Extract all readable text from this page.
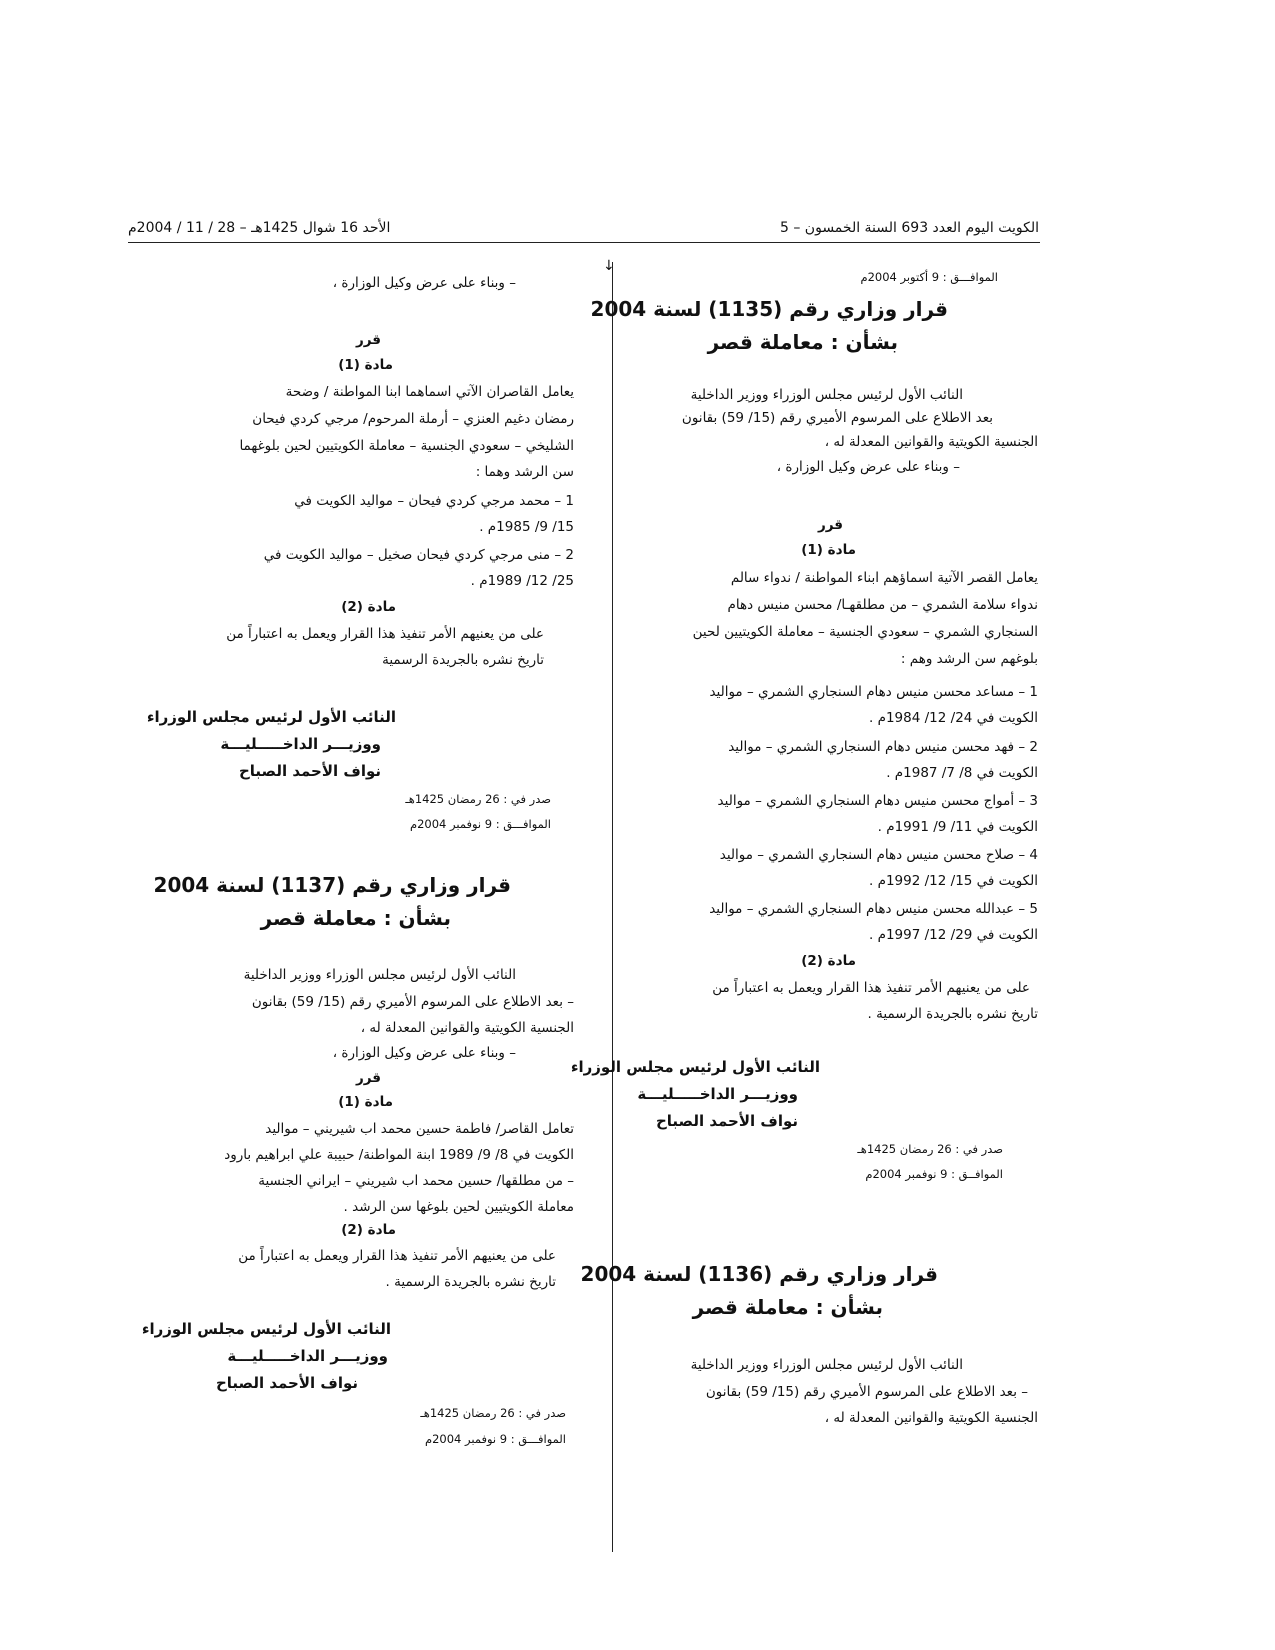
الكويت اليوم العدد 693 السنة الخمسون – 5
الأحد 16 شوال 1425هـ – 28 / 11 / 2004م
↓
الموافـــق : 9 أكتوبر 2004م
قرار وزاري رقم (1135) لسنة 2004
بشأن : معاملة قصر
النائب الأول لرئيس مجلس الوزراء ووزير الداخلية
بعد الاطلاع على المرسوم الأميري رقم (15/ 59) بقانون
الجنسية الكويتية والقوانين المعدلة له ،
– وبناء على عرض وكيل الوزارة ،
قرر
مادة (1)
يعامل القصر الآتية اسماؤهم ابناء المواطنة / ندواء سالم
ندواء سلامة الشمري – من مطلقهـا/ محسن منيس دهام
السنجاري الشمري – سعودي الجنسية – معاملة الكويتيين لحين
بلوغهم سن الرشد وهم :
1 – مساعد محسن منيس دهام السنجاري الشمري – مواليد
الكويت في 24/ 12/ 1984م .
2 – فهد محسن منيس دهام السنجاري الشمري – مواليد
الكويت في 8/ 7/ 1987م .
3 – أمواج محسن منيس دهام السنجاري الشمري – مواليد
الكويت في 11/ 9/ 1991م .
4 – صلاح محسن منيس دهام السنجاري الشمري – مواليد
الكويت في 15/ 12/ 1992م .
5 – عبدالله محسن منيس دهام السنجاري الشمري – مواليد
الكويت في 29/ 12/ 1997م .
مادة (2)
على من يعنيهم الأمر تنفيذ هذا القرار ويعمل به اعتباراً من
تاريخ نشره بالجريدة الرسمية .
النائب الأول لرئيس مجلس الوزراء
ووزيـــر الداخـــــليـــة
نواف الأحمد الصباح
صدر في : 26 رمضان 1425هـ
الموافــق : 9 نوفمبر 2004م
قرار وزاري رقم (1136) لسنة 2004
بشأن : معاملة قصر
النائب الأول لرئيس مجلس الوزراء ووزير الداخلية
– بعد الاطلاع على المرسوم الأميري رقم (15/ 59) بقانون
الجنسية الكويتية والقوانين المعدلة له ،
– وبناء على عرض وكيل الوزارة ،
قرر
مادة (1)
يعامل القاصران الآتي اسماهما ابنا المواطنة / وضحة
رمضان دغيم العنزي – أرملة المرحوم/ مرجي كردي فيحان
الشليخي – سعودي الجنسية – معاملة الكويتيين لحين بلوغهما
سن الرشد وهما :
1 – محمد مرجي كردي فيحان – مواليد الكويت في
15/ 9/ 1985م .
2 – منى مرجي كردي فيحان صخيل – مواليد الكويت في
25/ 12/ 1989م .
مادة (2)
على من يعنيهم الأمر تنفيذ هذا القرار ويعمل به اعتباراً من
تاريخ نشره بالجريدة الرسمية
النائب الأول لرئيس مجلس الوزراء
ووزيـــر الداخـــــليـــة
نواف الأحمد الصباح
صدر في : 26 رمضان 1425هـ
الموافـــق : 9 نوفمبر 2004م
قرار وزاري رقم (1137) لسنة 2004
بشأن : معاملة قصر
النائب الأول لرئيس مجلس الوزراء ووزير الداخلية
– بعد الاطلاع على المرسوم الأميري رقم (15/ 59) بقانون
الجنسية الكويتية والقوانين المعدلة له ،
– وبناء على عرض وكيل الوزارة ،
قرر
مادة (1)
تعامل القاصر/ فاطمة حسين محمد اب شيريني – مواليد
الكويت في 8/ 9/ 1989 ابنة المواطنة/ حبيبة علي ابراهيم بارود
– من مطلقها/ حسين محمد اب شيريني – ايراني الجنسية
معاملة الكويتيين لحين بلوغها سن الرشد .
مادة (2)
على من يعنيهم الأمر تنفيذ هذا القرار ويعمل به اعتباراً من
تاريخ نشره بالجريدة الرسمية .
النائب الأول لرئيس مجلس الوزراء
ووزيـــر الداخـــــليـــة
نواف الأحمد الصباح
صدر في : 26 رمضان 1425هـ
الموافـــق : 9 نوفمبر 2004م
